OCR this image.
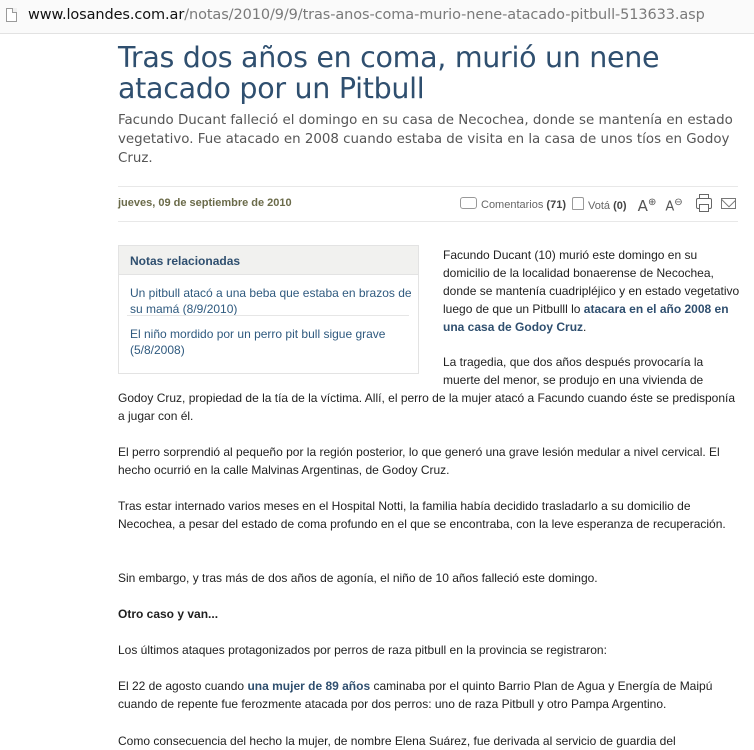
www.losandes.com.ar/notas/2010/9/9/tras-anos-coma-murio-nene-atacado-pitbull-513633.asp
Tras dos años en coma, murió un nene atacado por un Pitbull

Facundo Ducant falleció el domingo en su casa de Necochea, donde se mantenía en estado vegetativo. Fue atacado en 2008 cuando estaba de visita en la casa de unos tíos en Godoy Cruz.

jueves, 09 de septiembre de 2010	Comentarios (71)	Votá (0) A⊕ A⊖
Notas relacionadas
Un pitbull atacó a una beba que estaba en brazos de su mamá (8/9/2010)
El niño mordido por un perro pit bull sigue grave (5/8/2008)

Facundo Ducant (10) murió este domingo en su domicilio de la localidad bonaerense de Necochea, donde se mantenía cuadripléjico y en estado vegetativo luego de que un Pitbulll lo atacara en el año 2008 en una casa de Godoy Cruz.

La tragedia, que dos años después provocaría la muerte del menor, se produjo en una vivienda de

Godoy Cruz, propiedad de la tía de la víctima. Allí, el perro de la mujer atacó a Facundo cuando éste se predisponía a jugar con él.

El perro sorprendió al pequeño por la región posterior, lo que generó una grave lesión medular a nivel cervical. El hecho ocurrió en la calle Malvinas Argentinas, de Godoy Cruz.

Tras estar internado varios meses en el Hospital Notti, la familia había decidido trasladarlo a su domicilio de Necochea, a pesar del estado de coma profundo en el que se encontraba, con la leve esperanza de recuperación.

Sin embargo, y tras más de dos años de agonía, el niño de 10 años falleció este domingo.

Otro caso y van...

Los últimos ataques protagonizados por perros de raza pitbull en la provincia se registraron:

El 22 de agosto cuando una mujer de 89 años caminaba por el quinto Barrio Plan de Agua y Energía de Maipú cuando de repente fue ferozmente atacada por dos perros: uno de raza Pitbull y otro Pampa Argentino.

Como consecuencia del hecho la mujer, de nombre Elena Suárez, fue derivada al servicio de guardia del
